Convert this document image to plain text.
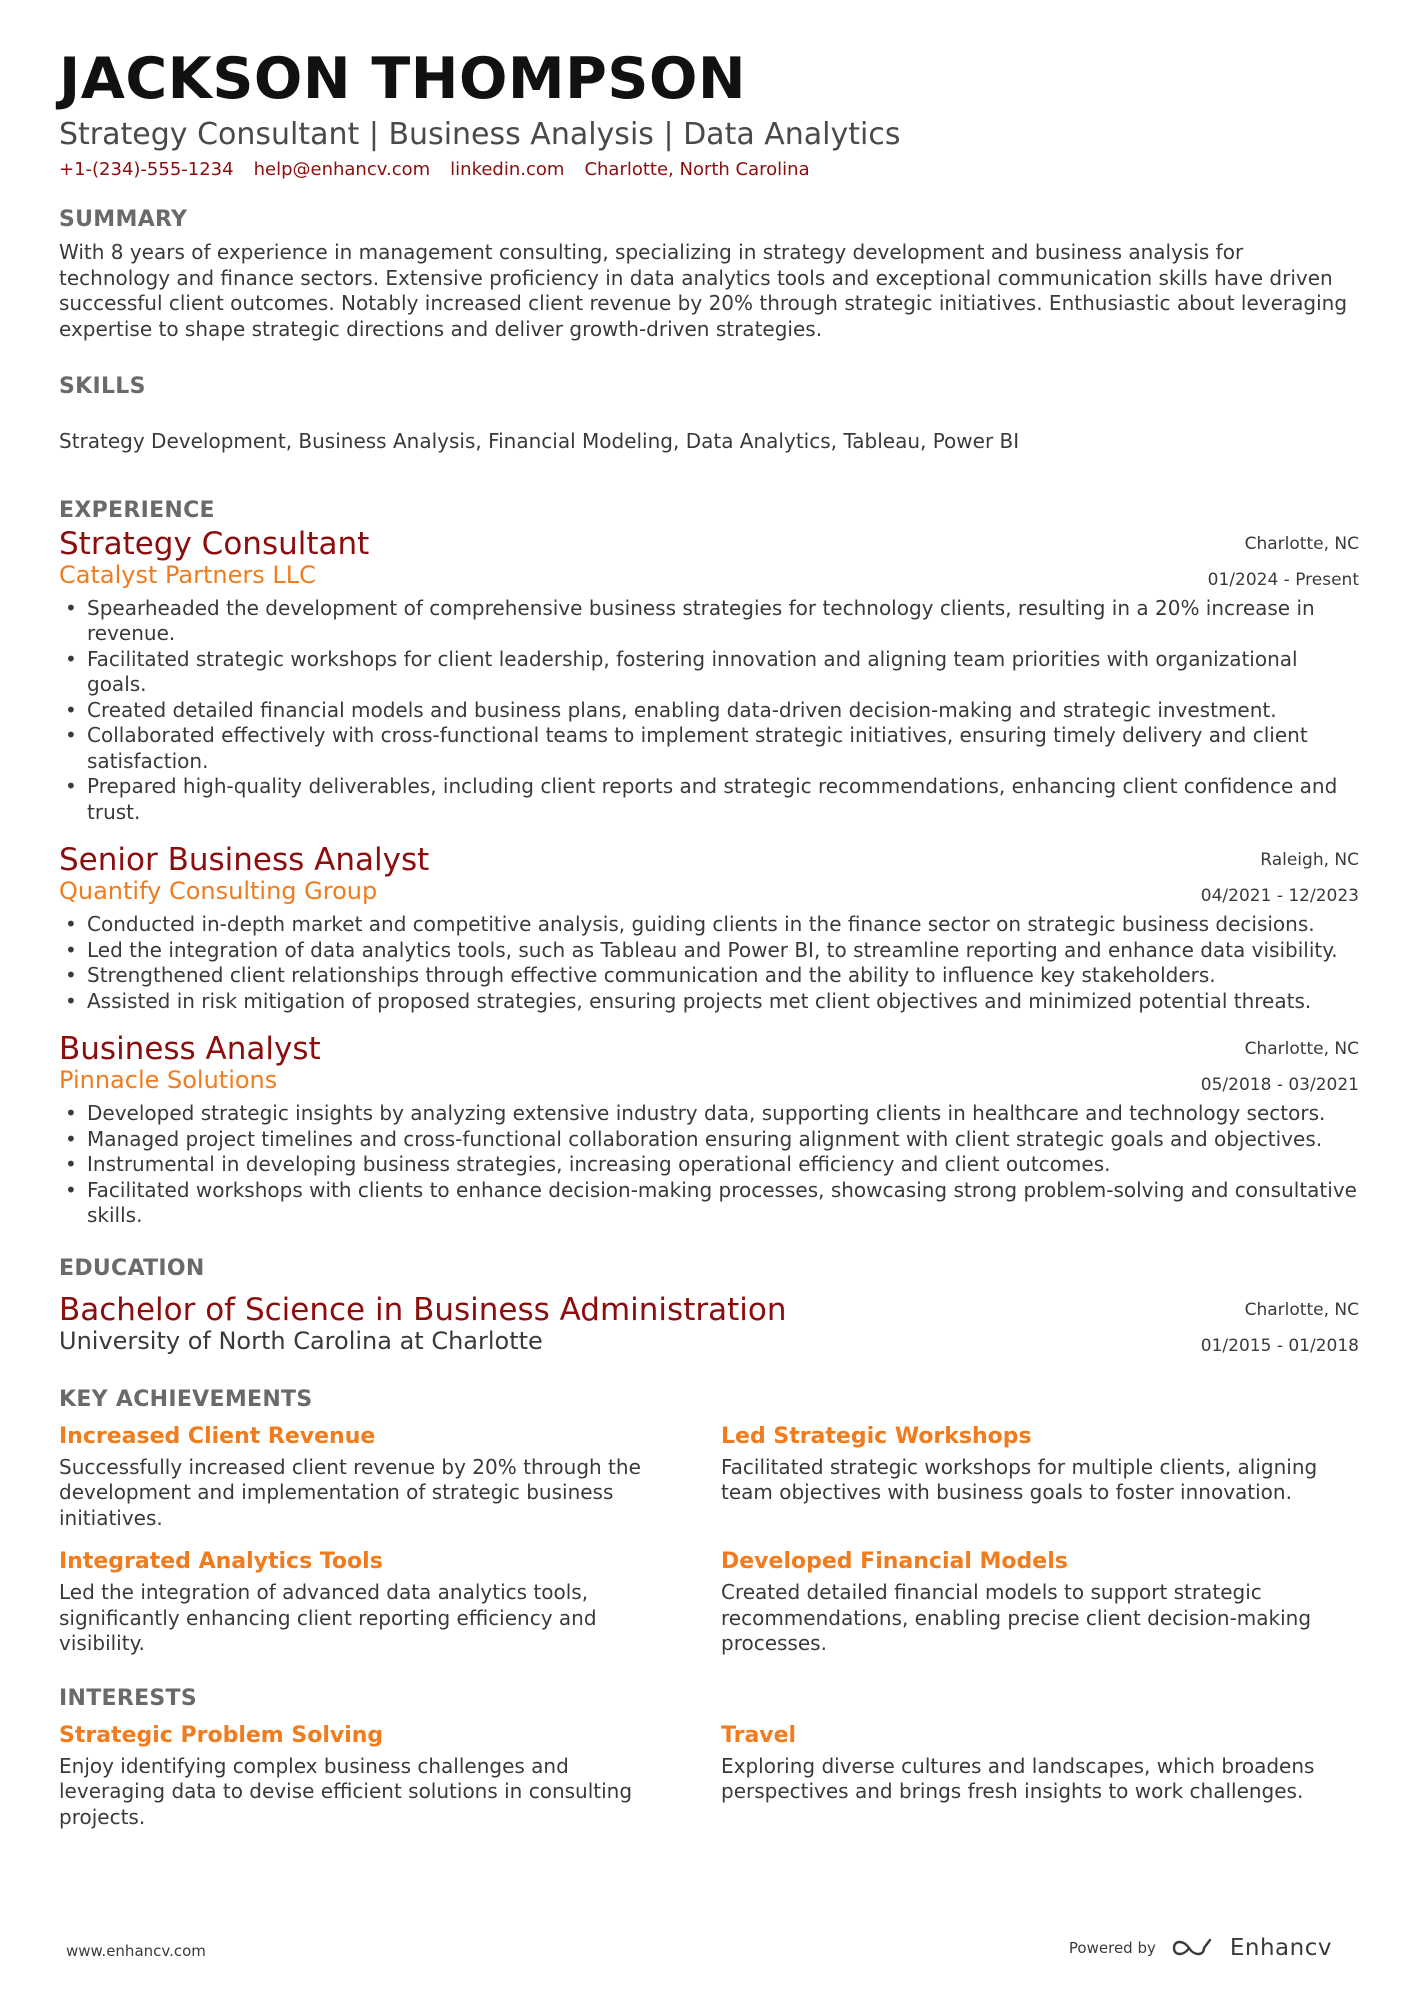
JACKSON THOMPSON
Strategy Consultant | Business Analysis | Data Analytics
+1-(234)-555-1234 help@enhancv.com linkedin.com Charlotte, North Carolina
SUMMARY
With 8 years of experience in management consulting, specializing in strategy development and business analysis for technology and finance sectors. Extensive proficiency in data analytics tools and exceptional communication skills have driven successful client outcomes. Notably increased client revenue by 20% through strategic initiatives. Enthusiastic about leveraging expertise to shape strategic directions and deliver growth-driven strategies.
SKILLS
Strategy Development, Business Analysis, Financial Modeling, Data Analytics, Tableau, Power BI
EXPERIENCE
Strategy Consultant
Catalyst Partners LLC
Charlotte, NC
01/2024 - Present
• Spearheaded the development of comprehensive business strategies for technology clients, resulting in a 20% increase in revenue.
• Facilitated strategic workshops for client leadership, fostering innovation and aligning team priorities with organizational goals.
• Created detailed financial models and business plans, enabling data-driven decision-making and strategic investment.
• Collaborated effectively with cross-functional teams to implement strategic initiatives, ensuring timely delivery and client satisfaction.
• Prepared high-quality deliverables, including client reports and strategic recommendations, enhancing client confidence and trust.
Senior Business Analyst
Quantify Consulting Group
Raleigh, NC
04/2021 - 12/2023
• Conducted in-depth market and competitive analysis, guiding clients in the finance sector on strategic business decisions.
• Led the integration of data analytics tools, such as Tableau and Power BI, to streamline reporting and enhance data visibility.
• Strengthened client relationships through effective communication and the ability to influence key stakeholders.
• Assisted in risk mitigation of proposed strategies, ensuring projects met client objectives and minimized potential threats.
Business Analyst
Pinnacle Solutions
Charlotte, NC
05/2018 - 03/2021
• Developed strategic insights by analyzing extensive industry data, supporting clients in healthcare and technology sectors.
• Managed project timelines and cross-functional collaboration ensuring alignment with client strategic goals and objectives.
• Instrumental in developing business strategies, increasing operational efficiency and client outcomes.
• Facilitated workshops with clients to enhance decision-making processes, showcasing strong problem-solving and consultative skills.
EDUCATION
Bachelor of Science in Business Administration
University of North Carolina at Charlotte
Charlotte, NC
01/2015 - 01/2018
KEY ACHIEVEMENTS
Increased Client Revenue
Successfully increased client revenue by 20% through the development and implementation of strategic business initiatives.
Led Strategic Workshops
Facilitated strategic workshops for multiple clients, aligning team objectives with business goals to foster innovation.
Integrated Analytics Tools
Led the integration of advanced data analytics tools, significantly enhancing client reporting efficiency and visibility.
Developed Financial Models
Created detailed financial models to support strategic recommendations, enabling precise client decision-making processes.
INTERESTS
Strategic Problem Solving
Enjoy identifying complex business challenges and leveraging data to devise efficient solutions in consulting projects.
Travel
Exploring diverse cultures and landscapes, which broadens perspectives and brings fresh insights to work challenges.
www.enhancv.com	Powered by	Enhancv
